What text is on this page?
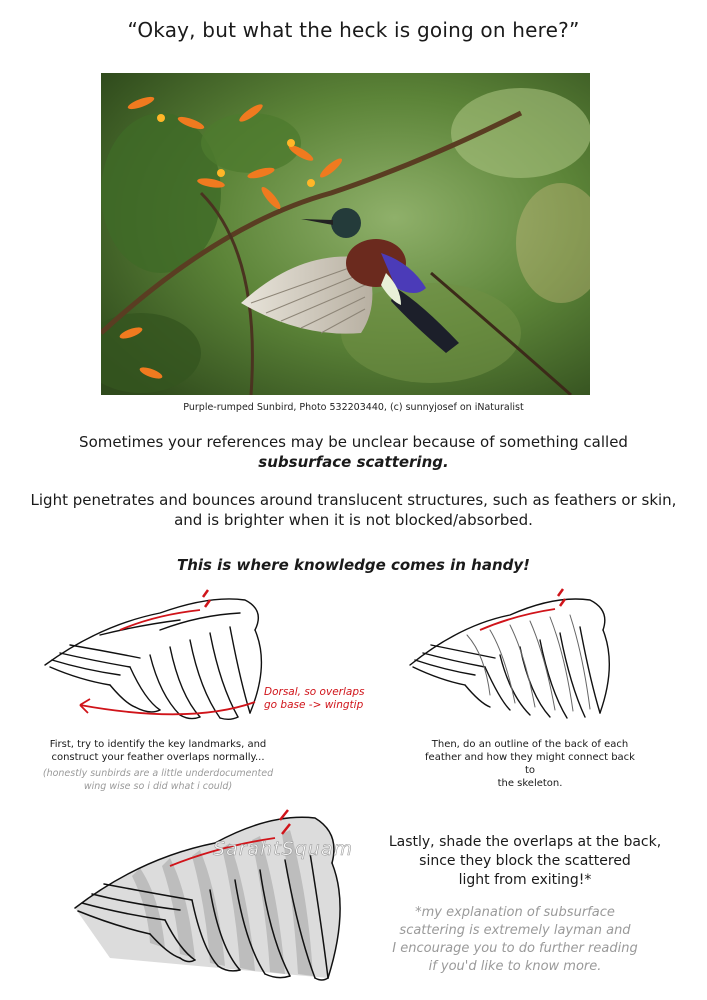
“Okay, but what the heck is going on here?”
Purple-rumped Sunbird, Photo 532203440, (c) sunnyjosef on iNaturalist
Sometimes your references may be unclear because of something called
subsurface scattering.
Light penetrates and bounces around translucent structures, such as feathers or skin,
and is brighter when it is not blocked/absorbed.
This is where knowledge comes in handy!
Dorsal, so overlaps
go base -> wingtip
First, try to identify the key landmarks, and
construct your feather overlaps normally...
(honestly sunbirds are a little underdocumented
wing wise so i did what i could)
Then, do an outline of the back of each
feather and how they might connect back to
the skeleton.
SarahtSquam	Lastly, shade the overlaps at the back,
since they block the scattered
light from exiting!*
*my explanation of subsurface
scattering is extremely layman and
I encourage you to do further reading
if you'd like to know more.
